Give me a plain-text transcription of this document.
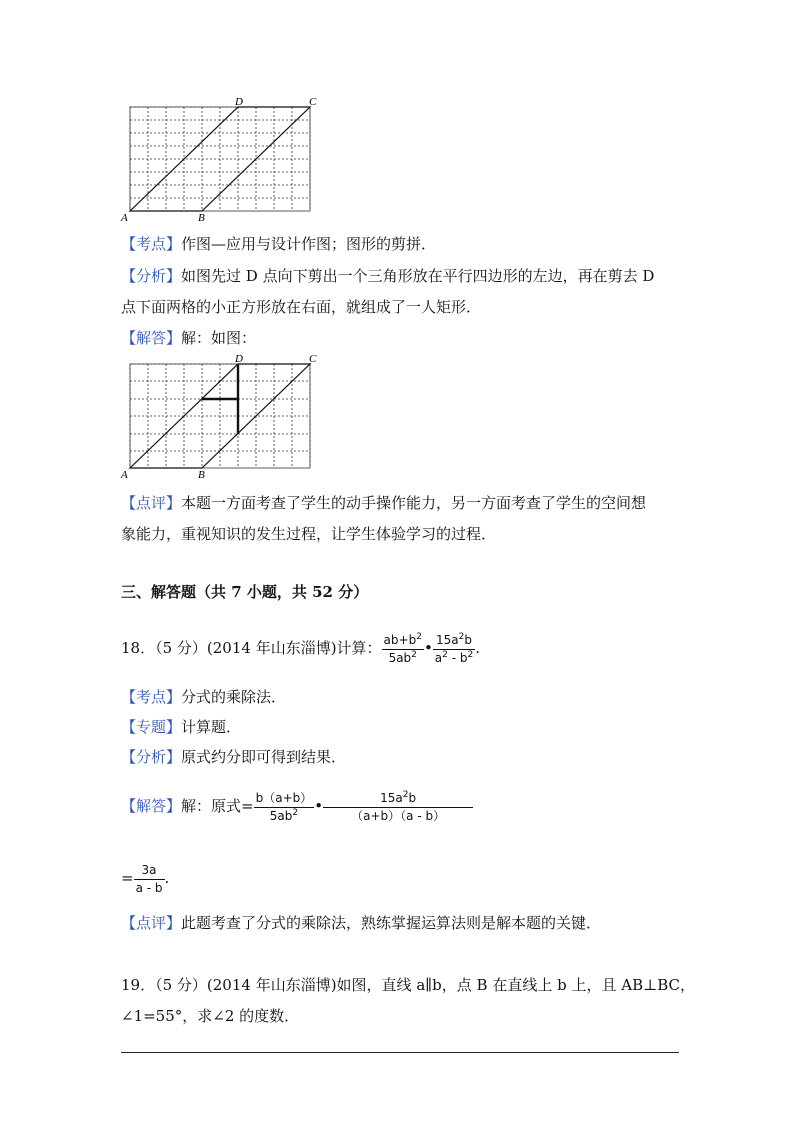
A	B
D	C
【考点】作图—应用与设计作图；图形的剪拼．
【分析】如图先过 D 点向下剪出一个三角形放在平行四边形的左边，再在剪去 D
点下面两格的小正方形放在右面，就组成了一人矩形．
【解答】解：如图：
A	B
D	C
【点评】本题一方面考查了学生的动手操作能力，另一方面考查了学生的空间想
象能力，重视知识的发生过程，让学生体验学习的过程．
三、解答题（共 7 小题，共 52 分）
18．（5 分）(2014 年山东淄博)计算： $\frac{ab+b^2}{5ab^2}$ • $\frac{15a^2b}{a^2 - b^2}$ .
【考点】分式的乘除法．
【专题】计算题．
【分析】原式约分即可得到结果．
【解答】解：原式= $\frac{b(a+b)}{5ab^2}$ • $\frac{15a^2b}{(a+b)(a - b)}$
= $\frac{3a}{a - b}$ .
【点评】此题考查了分式的乘除法，熟练掌握运算法则是解本题的关键．
19．（5 分）(2014 年山东淄博)如图，直线 a∥b，点 B 在直线上 b 上，且 AB⊥BC，
∠1=55°，求∠2 的度数．
